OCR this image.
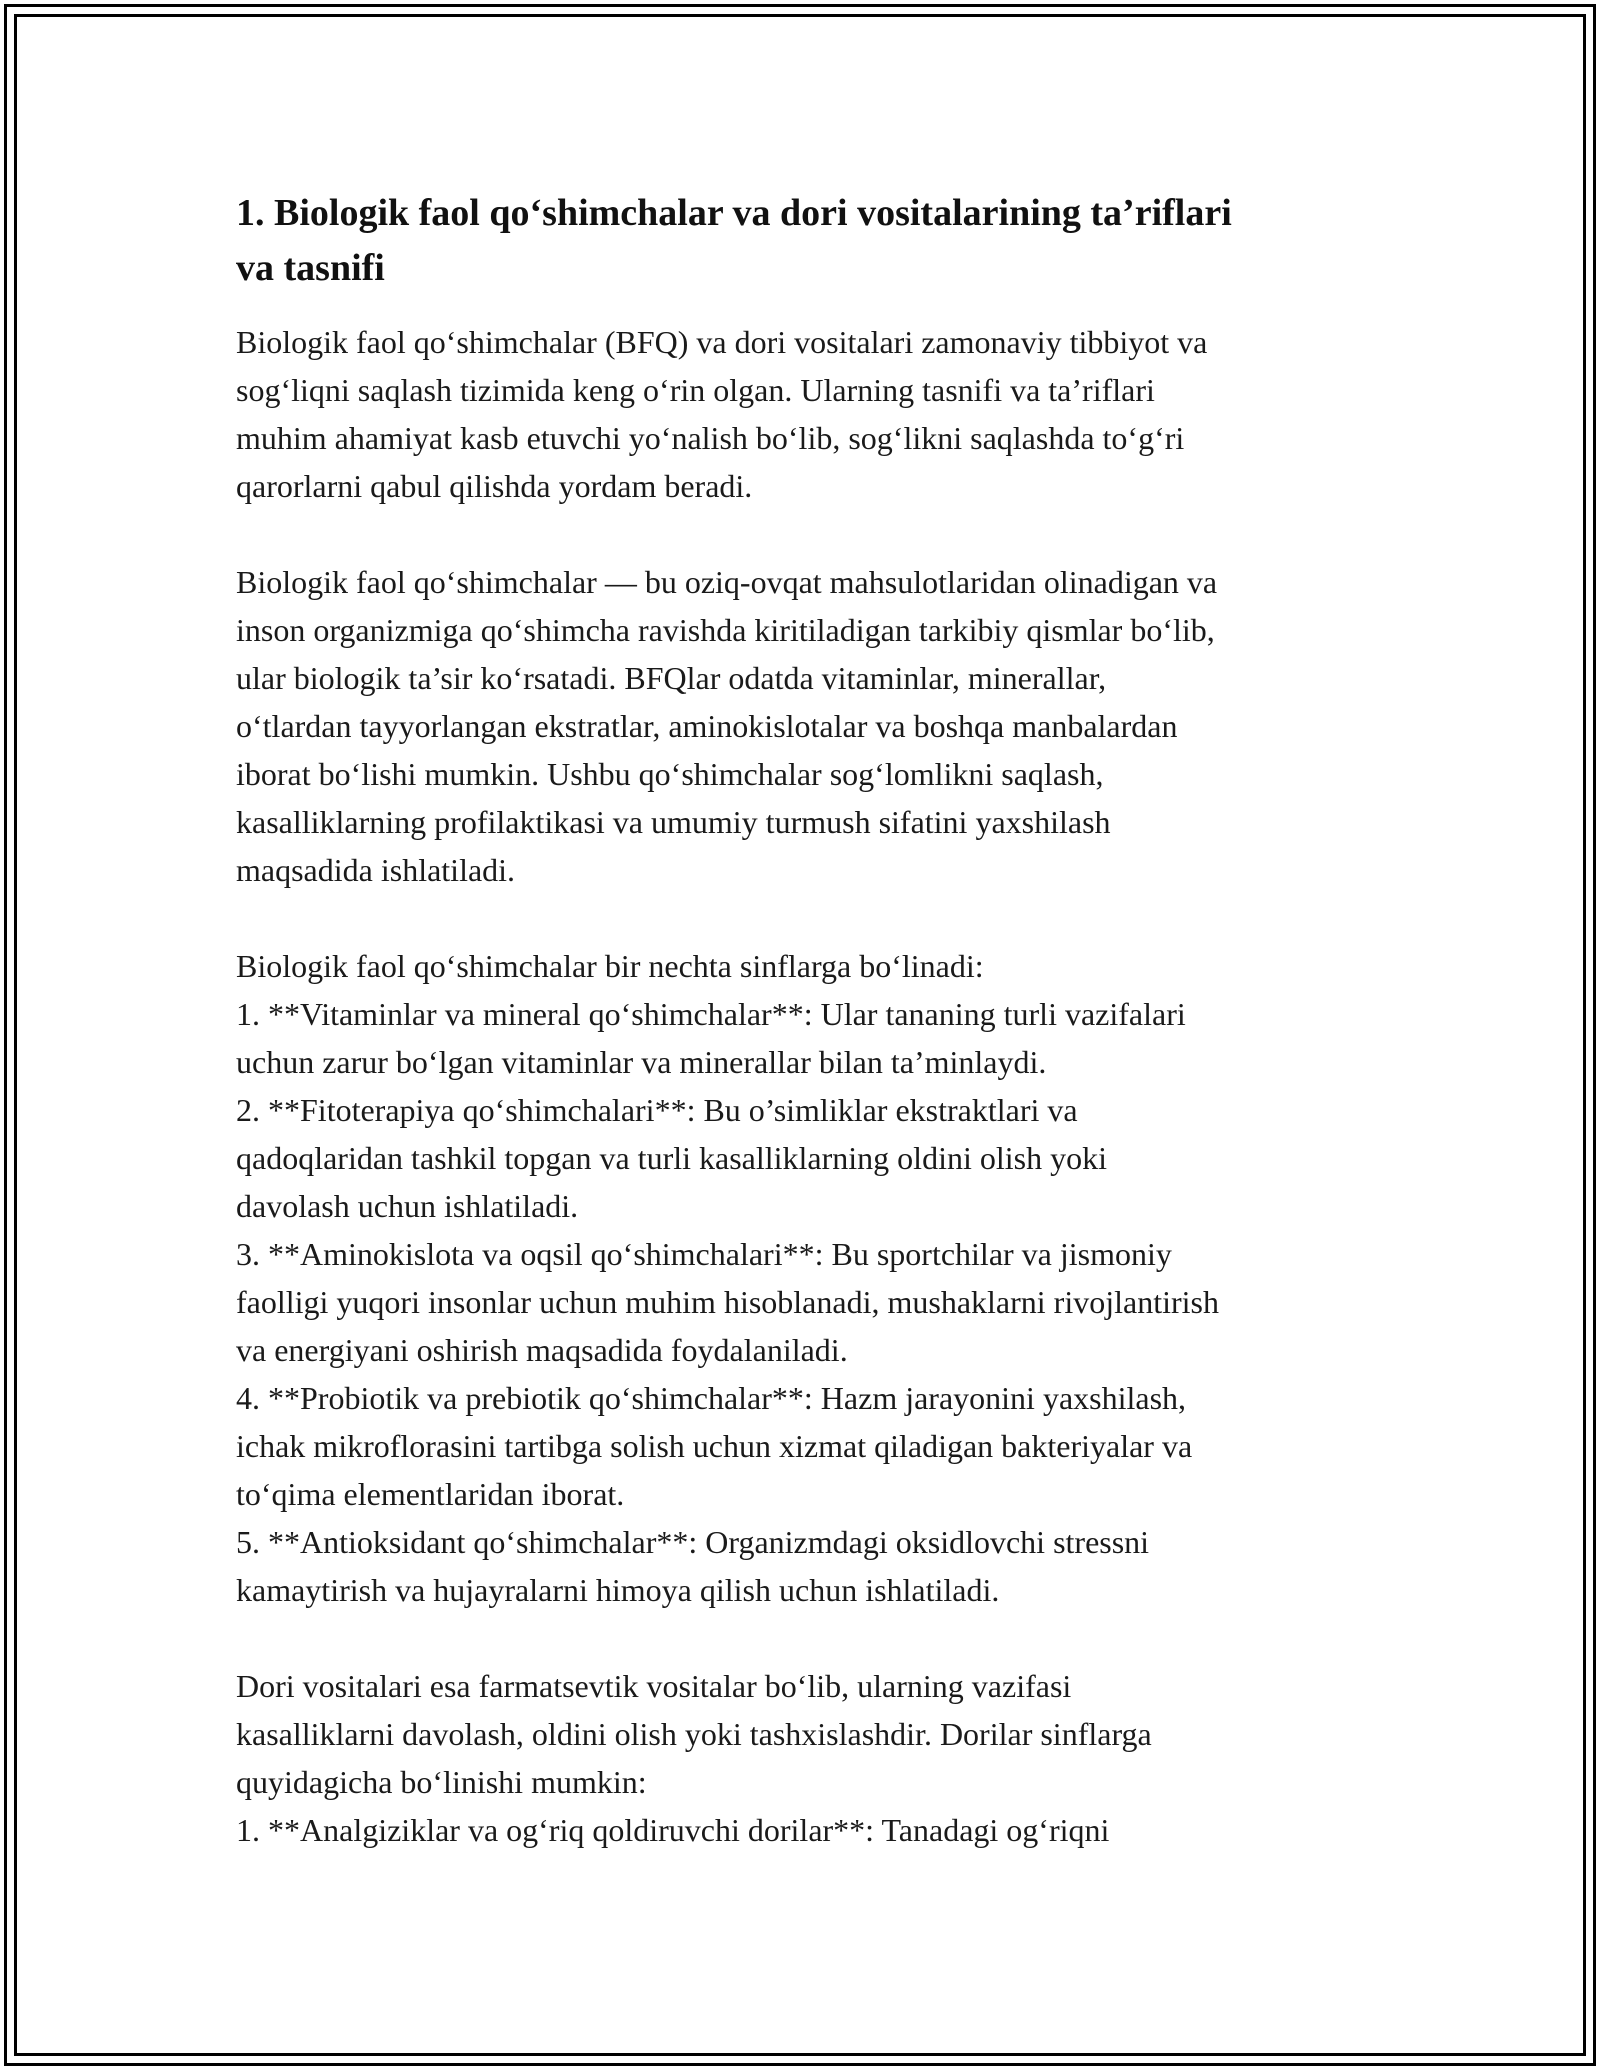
1. Biologik faol qo‘shimchalar va dori vositalarining ta’riflari
va tasnifi

Biologik faol qo‘shimchalar (BFQ) va dori vositalari zamonaviy tibbiyot va
sog‘liqni saqlash tizimida keng o‘rin olgan. Ularning tasnifi va ta’riflari
muhim ahamiyat kasb etuvchi yo‘nalish bo‘lib, sog‘likni saqlashda to‘g‘ri
qarorlarni qabul qilishda yordam beradi.

Biologik faol qo‘shimchalar — bu oziq-ovqat mahsulotlaridan olinadigan va
inson organizmiga qo‘shimcha ravishda kiritiladigan tarkibiy qismlar bo‘lib,
ular biologik ta’sir ko‘rsatadi. BFQlar odatda vitaminlar, minerallar,
o‘tlardan tayyorlangan ekstratlar, aminokislotalar va boshqa manbalardan
iborat bo‘lishi mumkin. Ushbu qo‘shimchalar sog‘lomlikni saqlash,
kasalliklarning profilaktikasi va umumiy turmush sifatini yaxshilash
maqsadida ishlatiladi.

Biologik faol qo‘shimchalar bir nechta sinflarga bo‘linadi:
1. **Vitaminlar va mineral qo‘shimchalar**: Ular tananing turli vazifalari
uchun zarur bo‘lgan vitaminlar va minerallar bilan ta’minlaydi.
2. **Fitoterapiya qo‘shimchalari**: Bu o’simliklar ekstraktlari va
qadoqlaridan tashkil topgan va turli kasalliklarning oldini olish yoki
davolash uchun ishlatiladi.
3. **Aminokislota va oqsil qo‘shimchalari**: Bu sportchilar va jismoniy
faolligi yuqori insonlar uchun muhim hisoblanadi, mushaklarni rivojlantirish
va energiyani oshirish maqsadida foydalaniladi.
4. **Probiotik va prebiotik qo‘shimchalar**: Hazm jarayonini yaxshilash,
ichak mikroflorasini tartibga solish uchun xizmat qiladigan bakteriyalar va
to‘qima elementlaridan iborat.
5. **Antioksidant qo‘shimchalar**: Organizmdagi oksidlovchi stressni
kamaytirish va hujayralarni himoya qilish uchun ishlatiladi.

Dori vositalari esa farmatsevtik vositalar bo‘lib, ularning vazifasi
kasalliklarni davolash, oldini olish yoki tashxislashdir. Dorilar sinflarga
quyidagicha bo‘linishi mumkin:
1. **Analgiziklar va og‘riq qoldiruvchi dorilar**: Tanadagi og‘riqni
